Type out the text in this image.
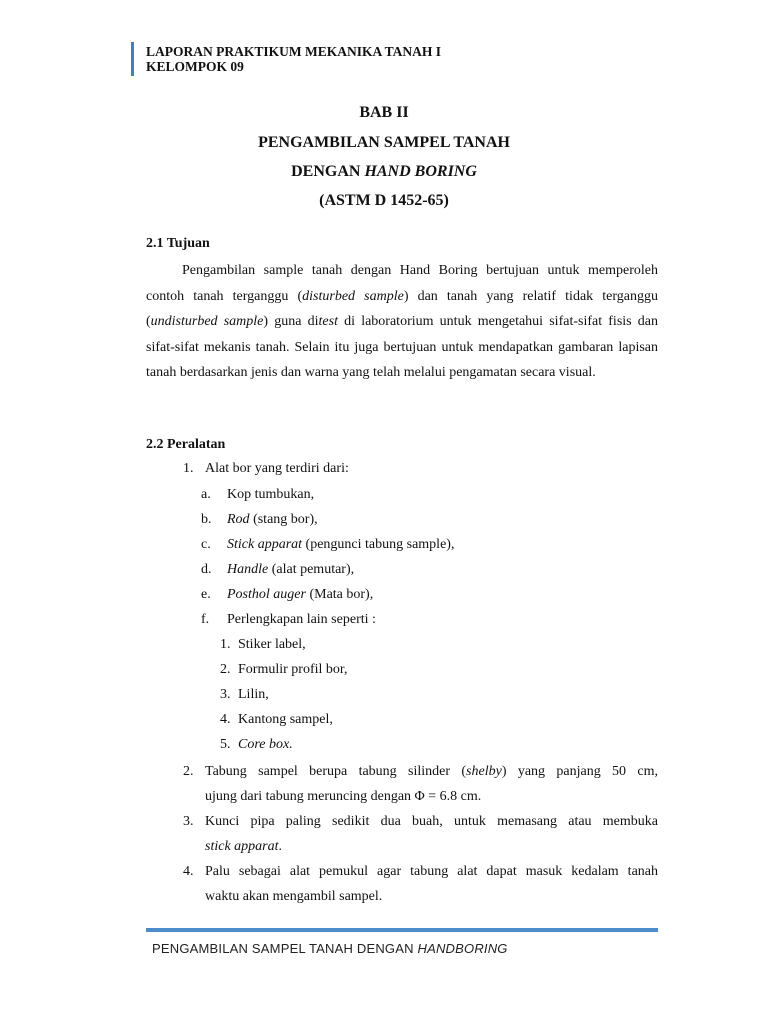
LAPORAN PRAKTIKUM MEKANIKA TANAH I
KELOMPOK 09
BAB II
PENGAMBILAN SAMPEL TANAH
DENGAN HAND BORING
(ASTM D 1452-65)
2.1 Tujuan

Pengambilan sample tanah dengan Hand Boring bertujuan untuk memperoleh contoh tanah terganggu (disturbed sample) dan tanah yang relatif tidak terganggu (undisturbed sample) guna ditest di laboratorium untuk mengetahui sifat-sifat fisis dan sifat-sifat mekanis tanah. Selain itu juga bertujuan untuk mendapatkan gambaran lapisan tanah berdasarkan jenis dan warna yang telah melalui pengamatan secara visual.

2.2 Peralatan
1. Alat bor yang terdiri dari:
a. Kop tumbukan,
b. Rod (stang bor),
c. Stick apparat (pengunci tabung sample),
d. Handle (alat pemutar),
e. Posthol auger (Mata bor),
f. Perlengkapan lain seperti :
1. Stiker label,
2. Formulir profil bor,
3. Lilin,
4. Kantong sampel,
5. Core box.
2. Tabung sampel berupa tabung silinder (shelby) yang panjang 50 cm,
ujung dari tabung meruncing dengan Φ = 6.8 cm.
3. Kunci pipa paling sedikit dua buah, untuk memasang atau membuka
stick apparat.
4. Palu sebagai alat pemukul agar tabung alat dapat masuk kedalam tanah
waktu akan mengambil sampel.
PENGAMBILAN SAMPEL TANAH DENGAN HANDBORING
